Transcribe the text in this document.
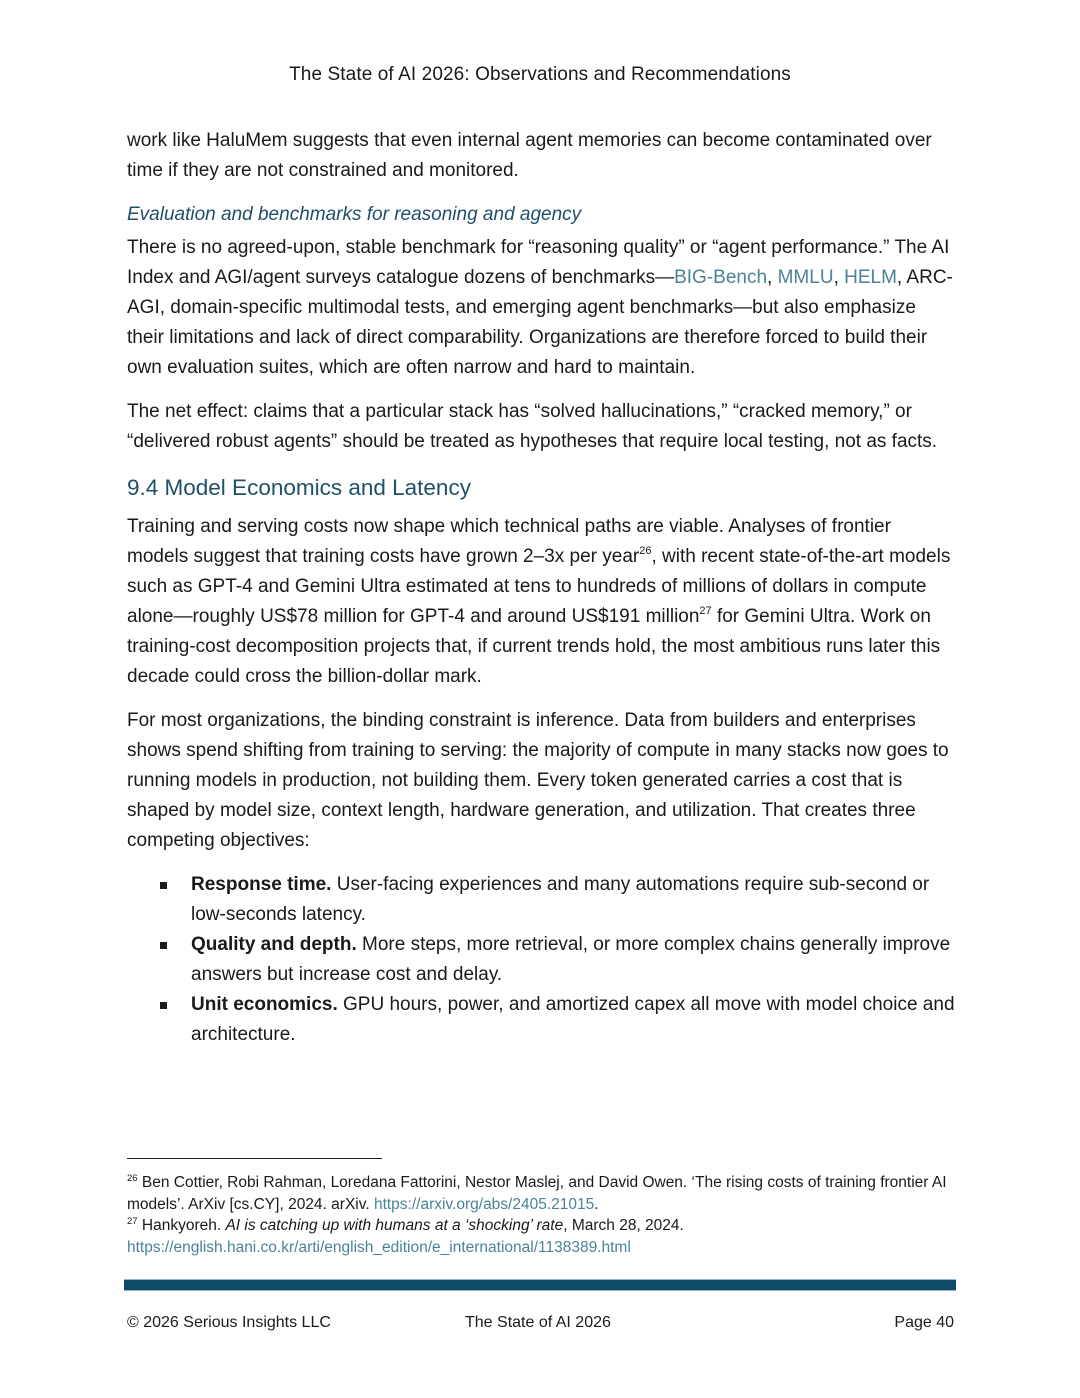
The State of AI 2026: Observations and Recommendations

work like HaluMem suggests that even internal agent memories can become contaminated over time if they are not constrained and monitored.

Evaluation and benchmarks for reasoning and agency

There is no agreed-upon, stable benchmark for “reasoning quality” or “agent performance.” The AI Index and AGI/agent surveys catalogue dozens of benchmarks—BIG-Bench, MMLU, HELM, ARC-AGI, domain-specific multimodal tests, and emerging agent benchmarks—but also emphasize their limitations and lack of direct comparability. Organizations are therefore forced to build their own evaluation suites, which are often narrow and hard to maintain.

The net effect: claims that a particular stack has “solved hallucinations,” “cracked memory,” or “delivered robust agents” should be treated as hypotheses that require local testing, not as facts.

9.4 Model Economics and Latency

Training and serving costs now shape which technical paths are viable. Analyses of frontier models suggest that training costs have grown 2–3x per year$^{26}$, with recent state-of-the-art models such as GPT-4 and Gemini Ultra estimated at tens to hundreds of millions of dollars in compute alone—roughly US$78 million for GPT-4 and around US$191 million$^{27}$ for Gemini Ultra. Work on training-cost decomposition projects that, if current trends hold, the most ambitious runs later this decade could cross the billion-dollar mark.

For most organizations, the binding constraint is inference. Data from builders and enterprises shows spend shifting from training to serving: the majority of compute in many stacks now goes to running models in production, not building them. Every token generated carries a cost that is shaped by model size, context length, hardware generation, and utilization. That creates three competing objectives:

Response time. User-facing experiences and many automations require sub-second or low-seconds latency.
Quality and depth. More steps, more retrieval, or more complex chains generally improve answers but increase cost and delay.
Unit economics. GPU hours, power, and amortized capex all move with model choice and architecture.

$^{26}$ Ben Cottier, Robi Rahman, Loredana Fattorini, Nestor Maslej, and David Owen. ‘The rising costs of training frontier AI models’. ArXiv [cs.CY], 2024. arXiv. https://arxiv.org/abs/2405.21015.

$^{27}$ Hankyoreh. AI is catching up with humans at a ‘shocking’ rate, March 28, 2024.
https://english.hani.co.kr/arti/english_edition/e_international/1138389.html

© 2026 Serious Insights LLC	The State of AI 2026	Page 40
